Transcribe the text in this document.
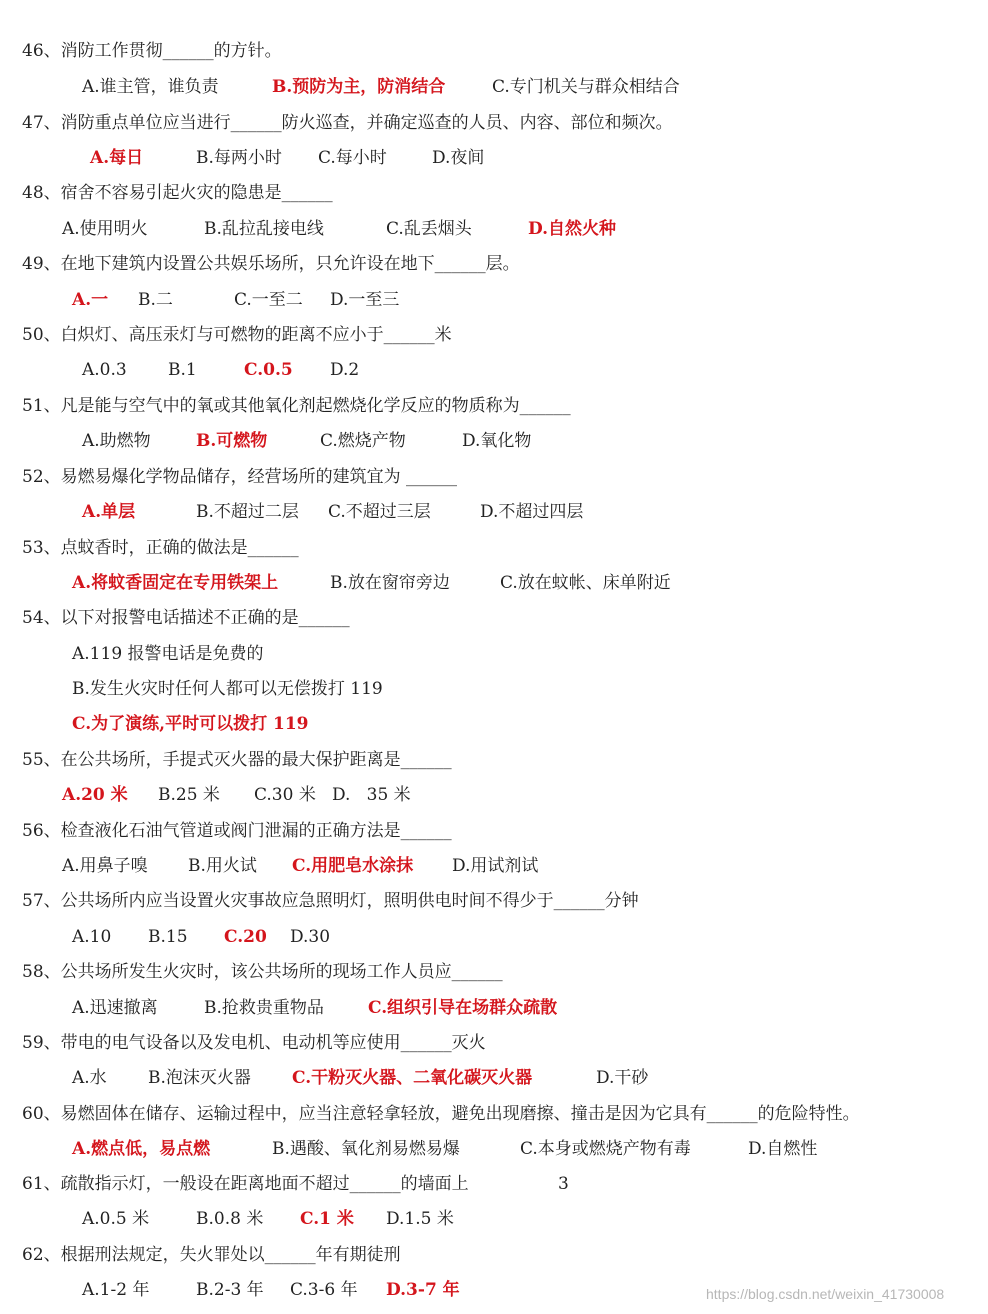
46、消防工作贯彻______的方针。
A.谁主管，谁负责	B.预防为主，防消结合	C.专门机关与群众相结合
47、消防重点单位应当进行______防火巡查，并确定巡查的人员、内容、部位和频次。
A.每日	B.每两小时 C.每小时	D.夜间
48、宿舍不容易引起火灾的隐患是______
A.使用明火	B.乱拉乱接电线	C.乱丢烟头	D.自然火种
49、在地下建筑内设置公共娱乐场所，只允许设在地下______层。
A.一 B.二	C.一至二 D.一至三
50、白炽灯、高压汞灯与可燃物的距离不应小于______米
A.0.3 B.1	C.0.5 D.2
51、凡是能与空气中的氧或其他氧化剂起燃烧化学反应的物质称为______
A.助燃物	B.可燃物	C.燃烧产物	D.氧化物
52、易燃易爆化学物品储存，经营场所的建筑宜为 ______
A.单层	B.不超过二层 C.不超过三层	D.不超过四层
53、点蚊香时，正确的做法是______
A.将蚊香固定在专用铁架上	B.放在窗帘旁边	C.放在蚊帐、床单附近
54、以下对报警电话描述不正确的是______
A.119 报警电话是免费的
B.发生火灾时任何人都可以无偿拨打 119
C.为了演练,平时可以拨打 119
55、在公共场所，手提式灭火器的最大保护距离是______
A.20 米 B.25 米 C.30 米 D.   35 米
56、检查液化石油气管道或阀门泄漏的正确方法是______
A.用鼻子嗅 B.用火试 C.用肥皂水涂抹 D.用试剂试
57、公共场所内应当设置火灾事故应急照明灯，照明供电时间不得少于______分钟
A.10 B.15 C.20 D.30
58、公共场所发生火灾时，该公共场所的现场工作人员应______
A.迅速撤离	B.抢救贵重物品	C.组织引导在场群众疏散
59、带电的电气设备以及发电机、电动机等应使用______灭火
A.水 B.泡沫灭火器 C.干粉灭火器、二氧化碳灭火器	D.干砂
60、易燃固体在储存、运输过程中，应当注意轻拿轻放，避免出现磨擦、撞击是因为它具有______的危险特性。
A.燃点低，易点燃	B.遇酸、氧化剂易燃易爆	C.本身或燃烧产物有毒	D.自燃性
61、疏散指示灯，一般设在距离地面不超过______的墙面上	3
A.0.5 米	B.0.8 米 C.1 米 D.1.5 米
62、根据刑法规定，失火罪处以______年有期徒刑
A.1-2 年	B.2-3 年 C.3-6 年 D.3-7 年	https://blog.csdn.net/weixin_41730008
